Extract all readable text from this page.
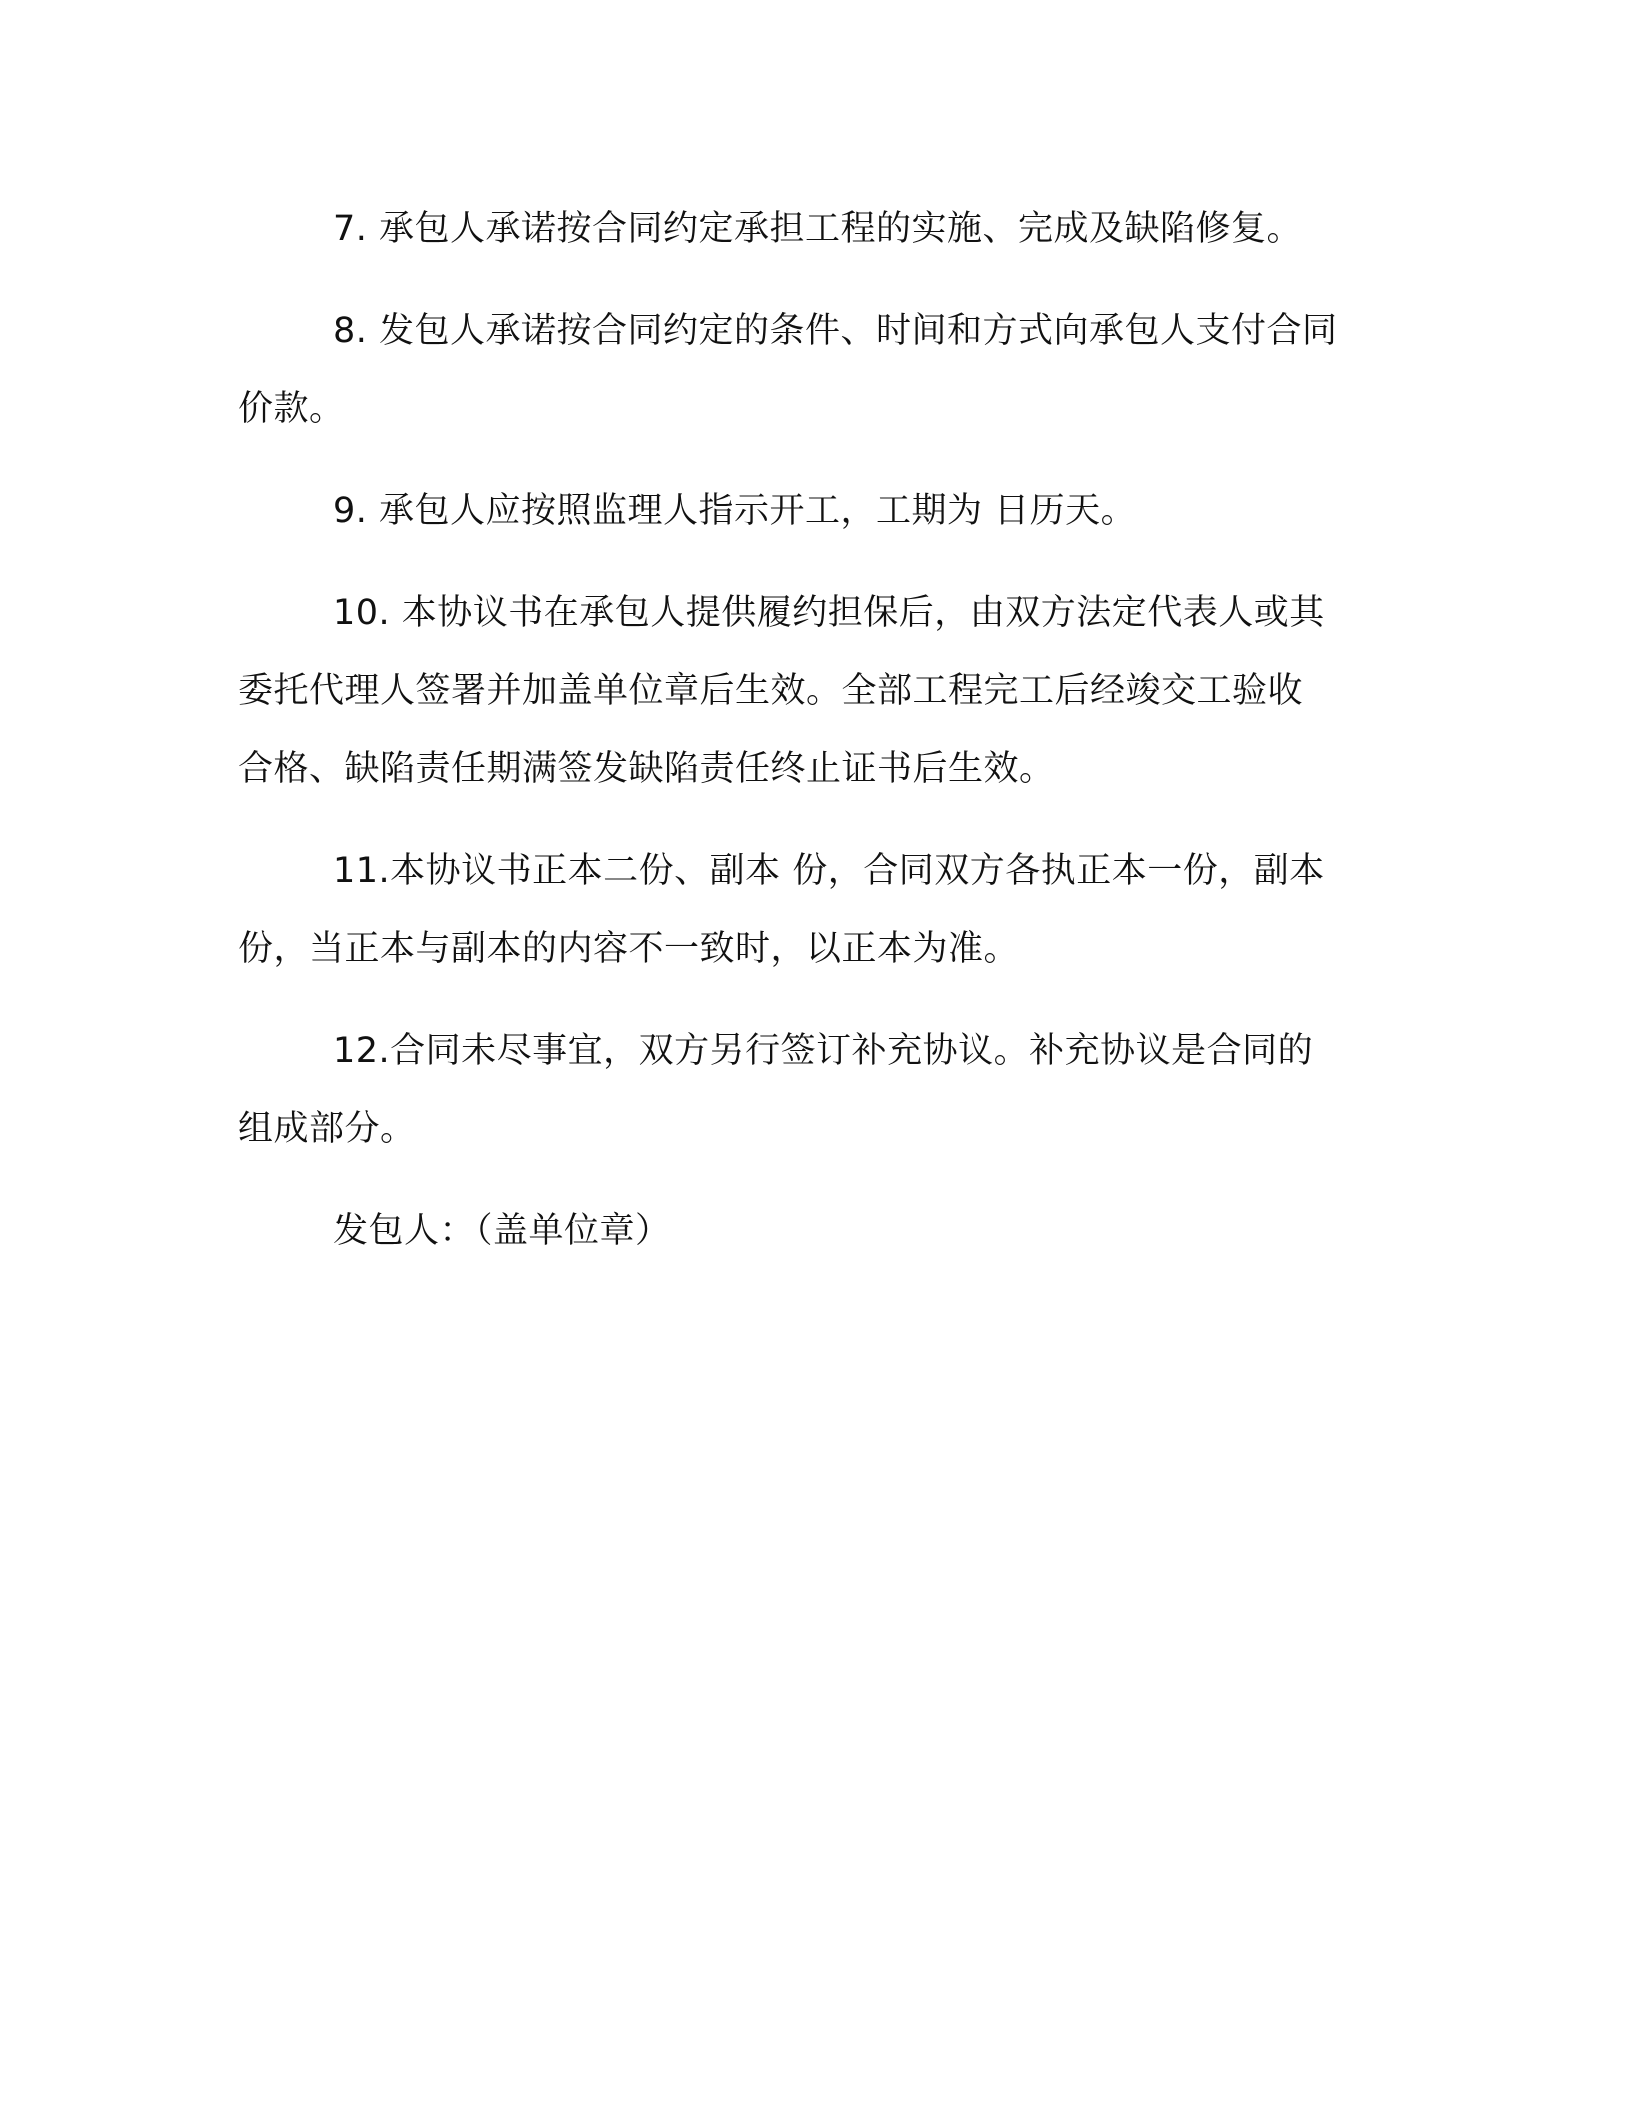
7. 承包人承诺按合同约定承担工程的实施、完成及缺陷修复。

8. 发包人承诺按合同约定的条件、时间和方式向承包人支付合同
价款。

9. 承包人应按照监理人指示开工，工期为 日历天。

10. 本协议书在承包人提供履约担保后，由双方法定代表人或其
委托代理人签署并加盖单位章后生效。全部工程完工后经竣交工验收
合格、缺陷责任期满签发缺陷责任终止证书后生效。

11.本协议书正本二份、副本 份，合同双方各执正本一份，副本
份，当正本与副本的内容不一致时，以正本为准。

12.合同未尽事宜，双方另行签订补充协议。补充协议是合同的
组成部分。

发包人：（盖单位章）
